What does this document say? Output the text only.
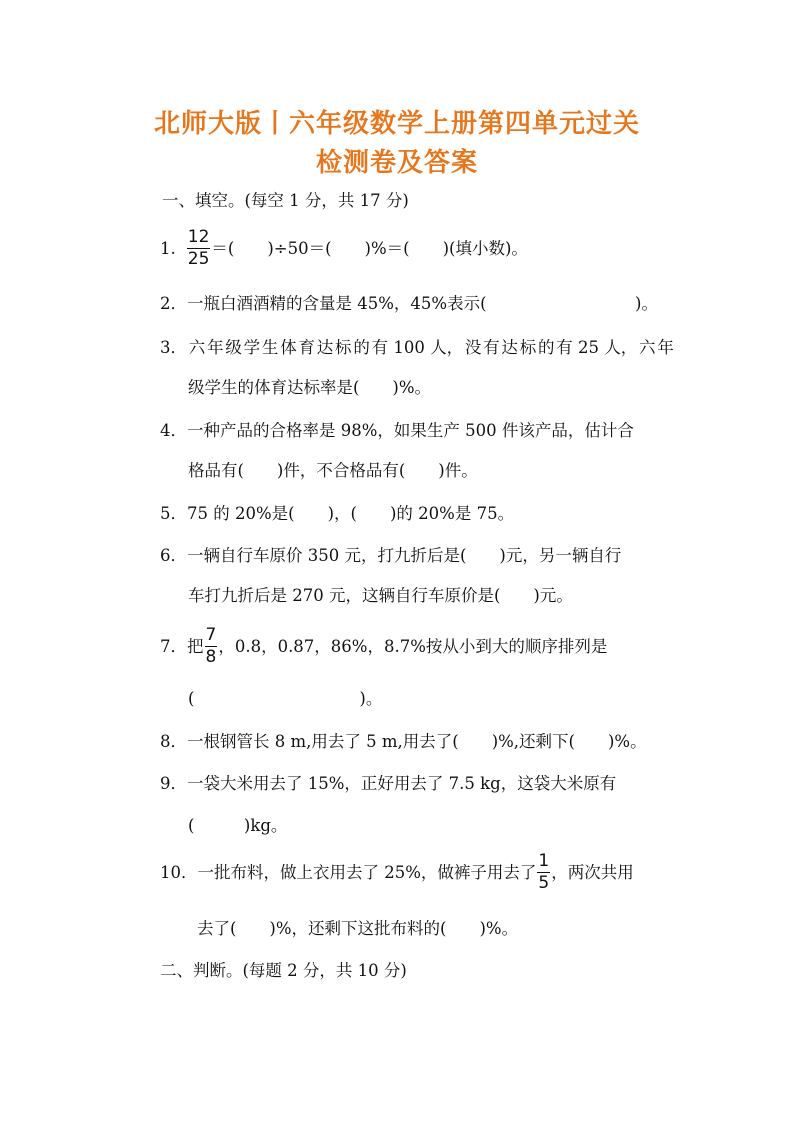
北师大版丨六年级数学上册第四单元过关
检测卷及答案
一、填空。(每空 1 分，共 17 分)
1. $\frac{12}{25}$ ＝(　　)÷50＝(　　)%＝(　　)(填小数)。
2．一瓶白酒酒精的含量是 45%，45%表示(　　　　　　　　　)。
3． 六 年 级 学 生 体 育 达 标 的 有 100 人， 没 有 达 标 的 有 25 人， 六 年
级学生的体育达标率是(　　)%。
4．一种产品的合格率是 98%，如果生产 500 件该产品，估计合
格品有(　　)件，不合格品有(　　)件。
5．75 的 20%是(　　)，(　　)的 20%是 75。
6．一辆自行车原价 350 元，打九折后是(　　)元，另一辆自行
车打九折后是 270 元，这辆自行车原价是(　　)元。
7．把 $\frac{7}{8}$ ，0.8，0.87，86%，8.7%按从小到大的顺序排列是
(　　　　　　　　　　)。
8．一根钢管长 8 m,用去了 5 m,用去了(　　)%,还剩下(　　)%。
9．一袋大米用去了 15%，正好用去了 7.5 kg，这袋大米原有
(　　　)kg。
10．一批布料，做上衣用去了 25%，做裤子用去了 $\frac{1}{5}$ ，两次共用
去了(　　)%，还剩下这批布料的(　　)%。
二、判断。(每题 2 分，共 10 分)
